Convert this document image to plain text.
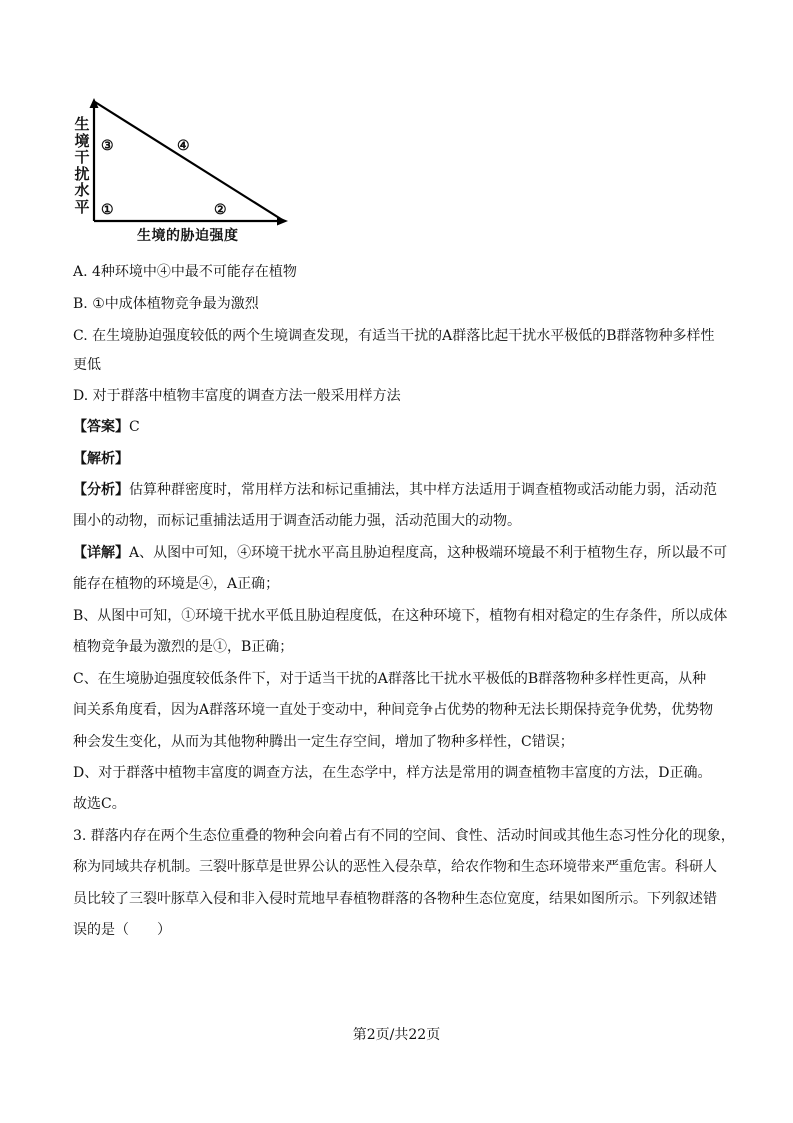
生境干扰水平
生境的胁迫强度
①	②
③	④
A. 4种环境中④中最不可能存在植物
B. ①中成体植物竞争最为激烈
C. 在生境胁迫强度较低的两个生境调查发现，有适当干扰的A群落比起干扰水平极低的B群落物种多样性
更低
D. 对于群落中植物丰富度的调查方法一般采用样方法
【答案】C
【解析】
【分析】估算种群密度时，常用样方法和标记重捕法，其中样方法适用于调查植物或活动能力弱，活动范
围小的动物，而标记重捕法适用于调查活动能力强，活动范围大的动物。
【详解】A、从图中可知，④环境干扰水平高且胁迫程度高，这种极端环境最不利于植物生存，所以最不可
能存在植物的环境是④，A正确；
B、从图中可知，①环境干扰水平低且胁迫程度低，在这种环境下，植物有相对稳定的生存条件，所以成体
植物竞争最为激烈的是①，B正确；
C、在生境胁迫强度较低条件下，对于适当干扰的A群落比干扰水平极低的B群落物种多样性更高，从种
间关系角度看，因为A群落环境一直处于变动中，种间竞争占优势的物种无法长期保持竞争优势，优势物
种会发生变化，从而为其他物种腾出一定生存空间，增加了物种多样性，C错误；
D、对于群落中植物丰富度的调查方法，在生态学中，样方法是常用的调查植物丰富度的方法，D正确。
故选C。
3. 群落内存在两个生态位重叠的物种会向着占有不同的空间、食性、活动时间或其他生态习性分化的现象，
称为同域共存机制。三裂叶豚草是世界公认的恶性入侵杂草，给农作物和生态环境带来严重危害。科研人
员比较了三裂叶豚草入侵和非入侵时荒地早春植物群落的各物种生态位宽度，结果如图所示。下列叙述错
误的是（　　）
第2页/共22页
